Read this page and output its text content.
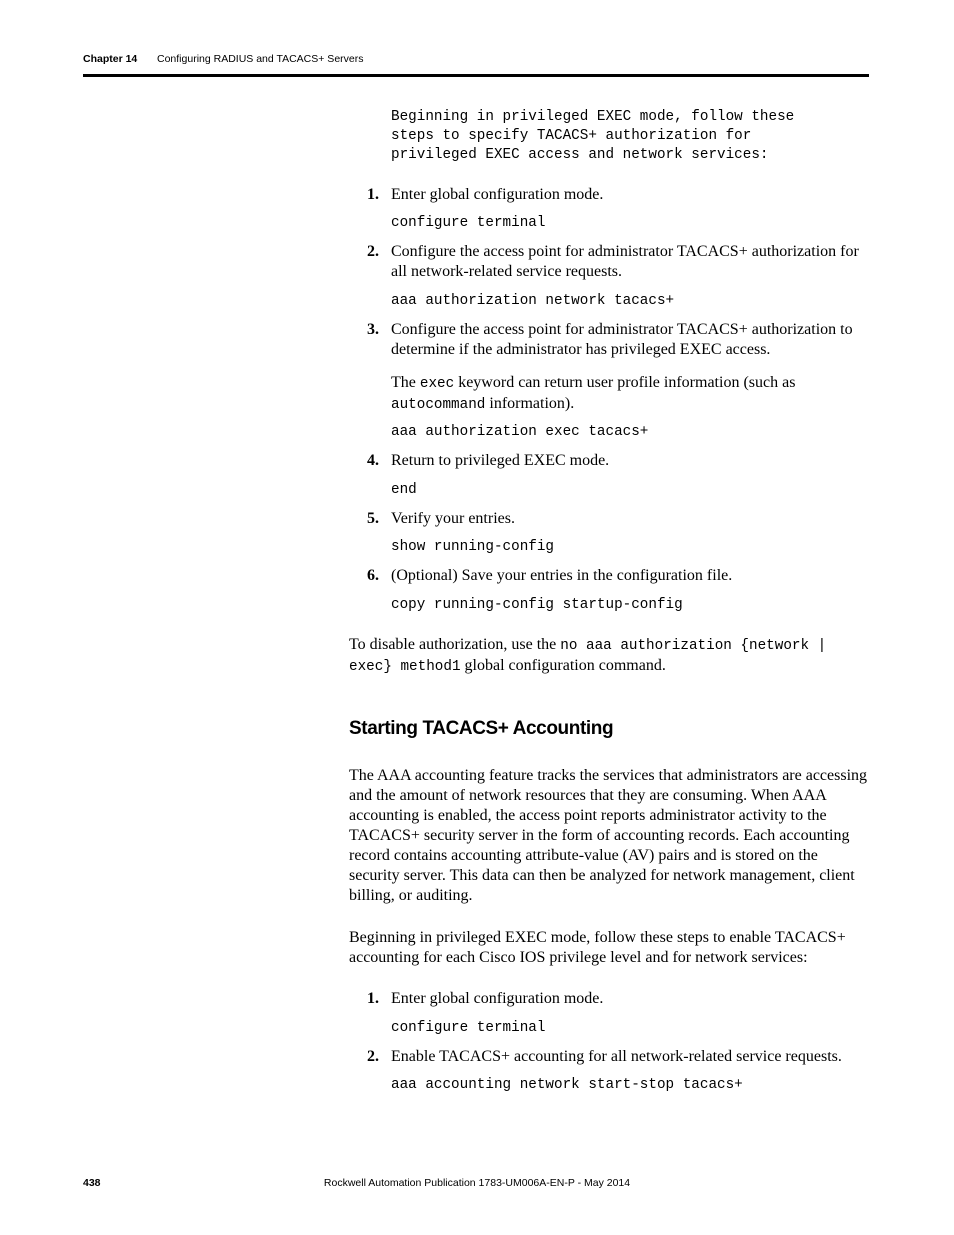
Chapter 14 Configuring RADIUS and TACACS+ Servers
Beginning in privileged EXEC mode, follow these
steps to specify TACACS+ authorization for
privileged EXEC access and network services:
1. Enter global configuration mode.
configure terminal
2. Configure the access point for administrator TACACS+ authorization for all network-related service requests.
aaa authorization network tacacs+
3. Configure the access point for administrator TACACS+ authorization to determine if the administrator has privileged EXEC access.
The exec keyword can return user profile information (such as autocommand information).
aaa authorization exec tacacs+
4. Return to privileged EXEC mode.
end
5. Verify your entries.
show running-config
6. (Optional) Save your entries in the configuration file.
copy running-config startup-config
To disable authorization, use the no aaa authorization {network |
exec} method1 global configuration command.
Starting TACACS+ Accounting
The AAA accounting feature tracks the services that administrators are accessing and the amount of network resources that they are consuming. When AAA accounting is enabled, the access point reports administrator activity to the TACACS+ security server in the form of accounting records. Each accounting record contains accounting attribute-value (AV) pairs and is stored on the security server. This data can then be analyzed for network management, client billing, or auditing.
Beginning in privileged EXEC mode, follow these steps to enable TACACS+ accounting for each Cisco IOS privilege level and for network services:
1. Enter global configuration mode.
configure terminal
2. Enable TACACS+ accounting for all network-related service requests.
aaa accounting network start-stop tacacs+
438	Rockwell Automation Publication 1783-UM006A-EN-P - May 2014
